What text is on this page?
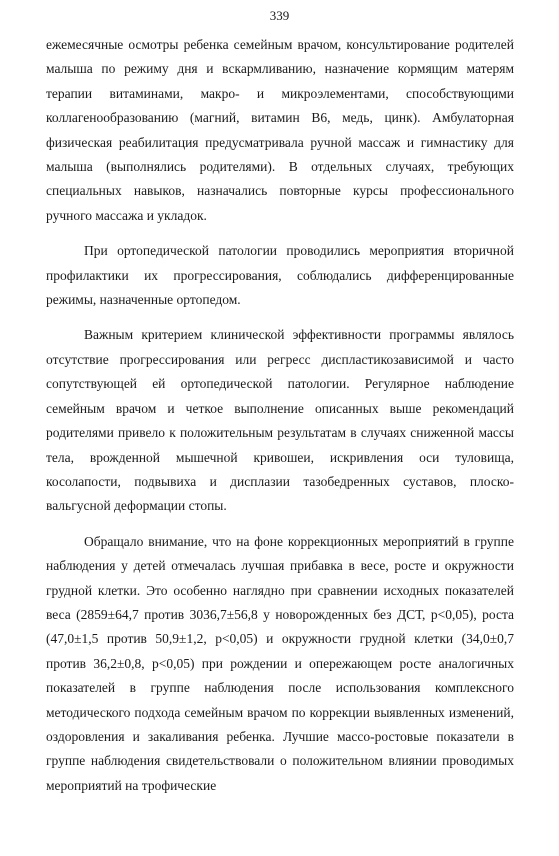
339

ежемесячные осмотры ребенка семейным врачом, консультирование родителей малыша по режиму дня и вскармливанию, назначение кормящим матерям терапии витаминами, макро- и микроэлементами, способствующими коллагенообразованию (магний, витамин В6, медь, цинк). Амбулаторная физическая реабилитация предусматривала ручной массаж и гимнастику для малыша (выполнялись родителями). В отдельных случаях, требующих специальных навыков, назначались повторные курсы профессионального ручного массажа и укладок.

При ортопедической патологии проводились мероприятия вторичной профилактики их прогрессирования, соблюдались дифференцированные режимы, назначенные ортопедом.

Важным критерием клинической эффективности программы являлось отсутствие прогрессирования или регресс диспластикозависимой и часто сопутствующей ей ортопедической патологии. Регулярное наблюдение семейным врачом и четкое выполнение описанных выше рекомендаций родителями привело к положительным результатам в случаях сниженной массы тела, врожденной мышечной кривошеи, искривления оси туловища, косолапости, подвывиха и дисплазии тазобедренных суставов, плоско-вальгусной деформации стопы.

Обращало внимание, что на фоне коррекционных мероприятий в группе наблюдения у детей отмечалась лучшая прибавка в весе, росте и окружности грудной клетки. Это особенно наглядно при сравнении исходных показателей веса (2859±64,7 против 3036,7±56,8 у новорожденных без ДСТ, р<0,05), роста (47,0±1,5 против 50,9±1,2, р<0,05) и окружности грудной клетки (34,0±0,7 против 36,2±0,8, р<0,05) при рождении и опережающем росте аналогичных показателей в группе наблюдения после использования комплексного методического подхода семейным врачом по коррекции выявленных изменений, оздоровления и закаливания ребенка. Лучшие массо-ростовые показатели в группе наблюдения свидетельствовали о положительном влиянии проводимых мероприятий на трофические
